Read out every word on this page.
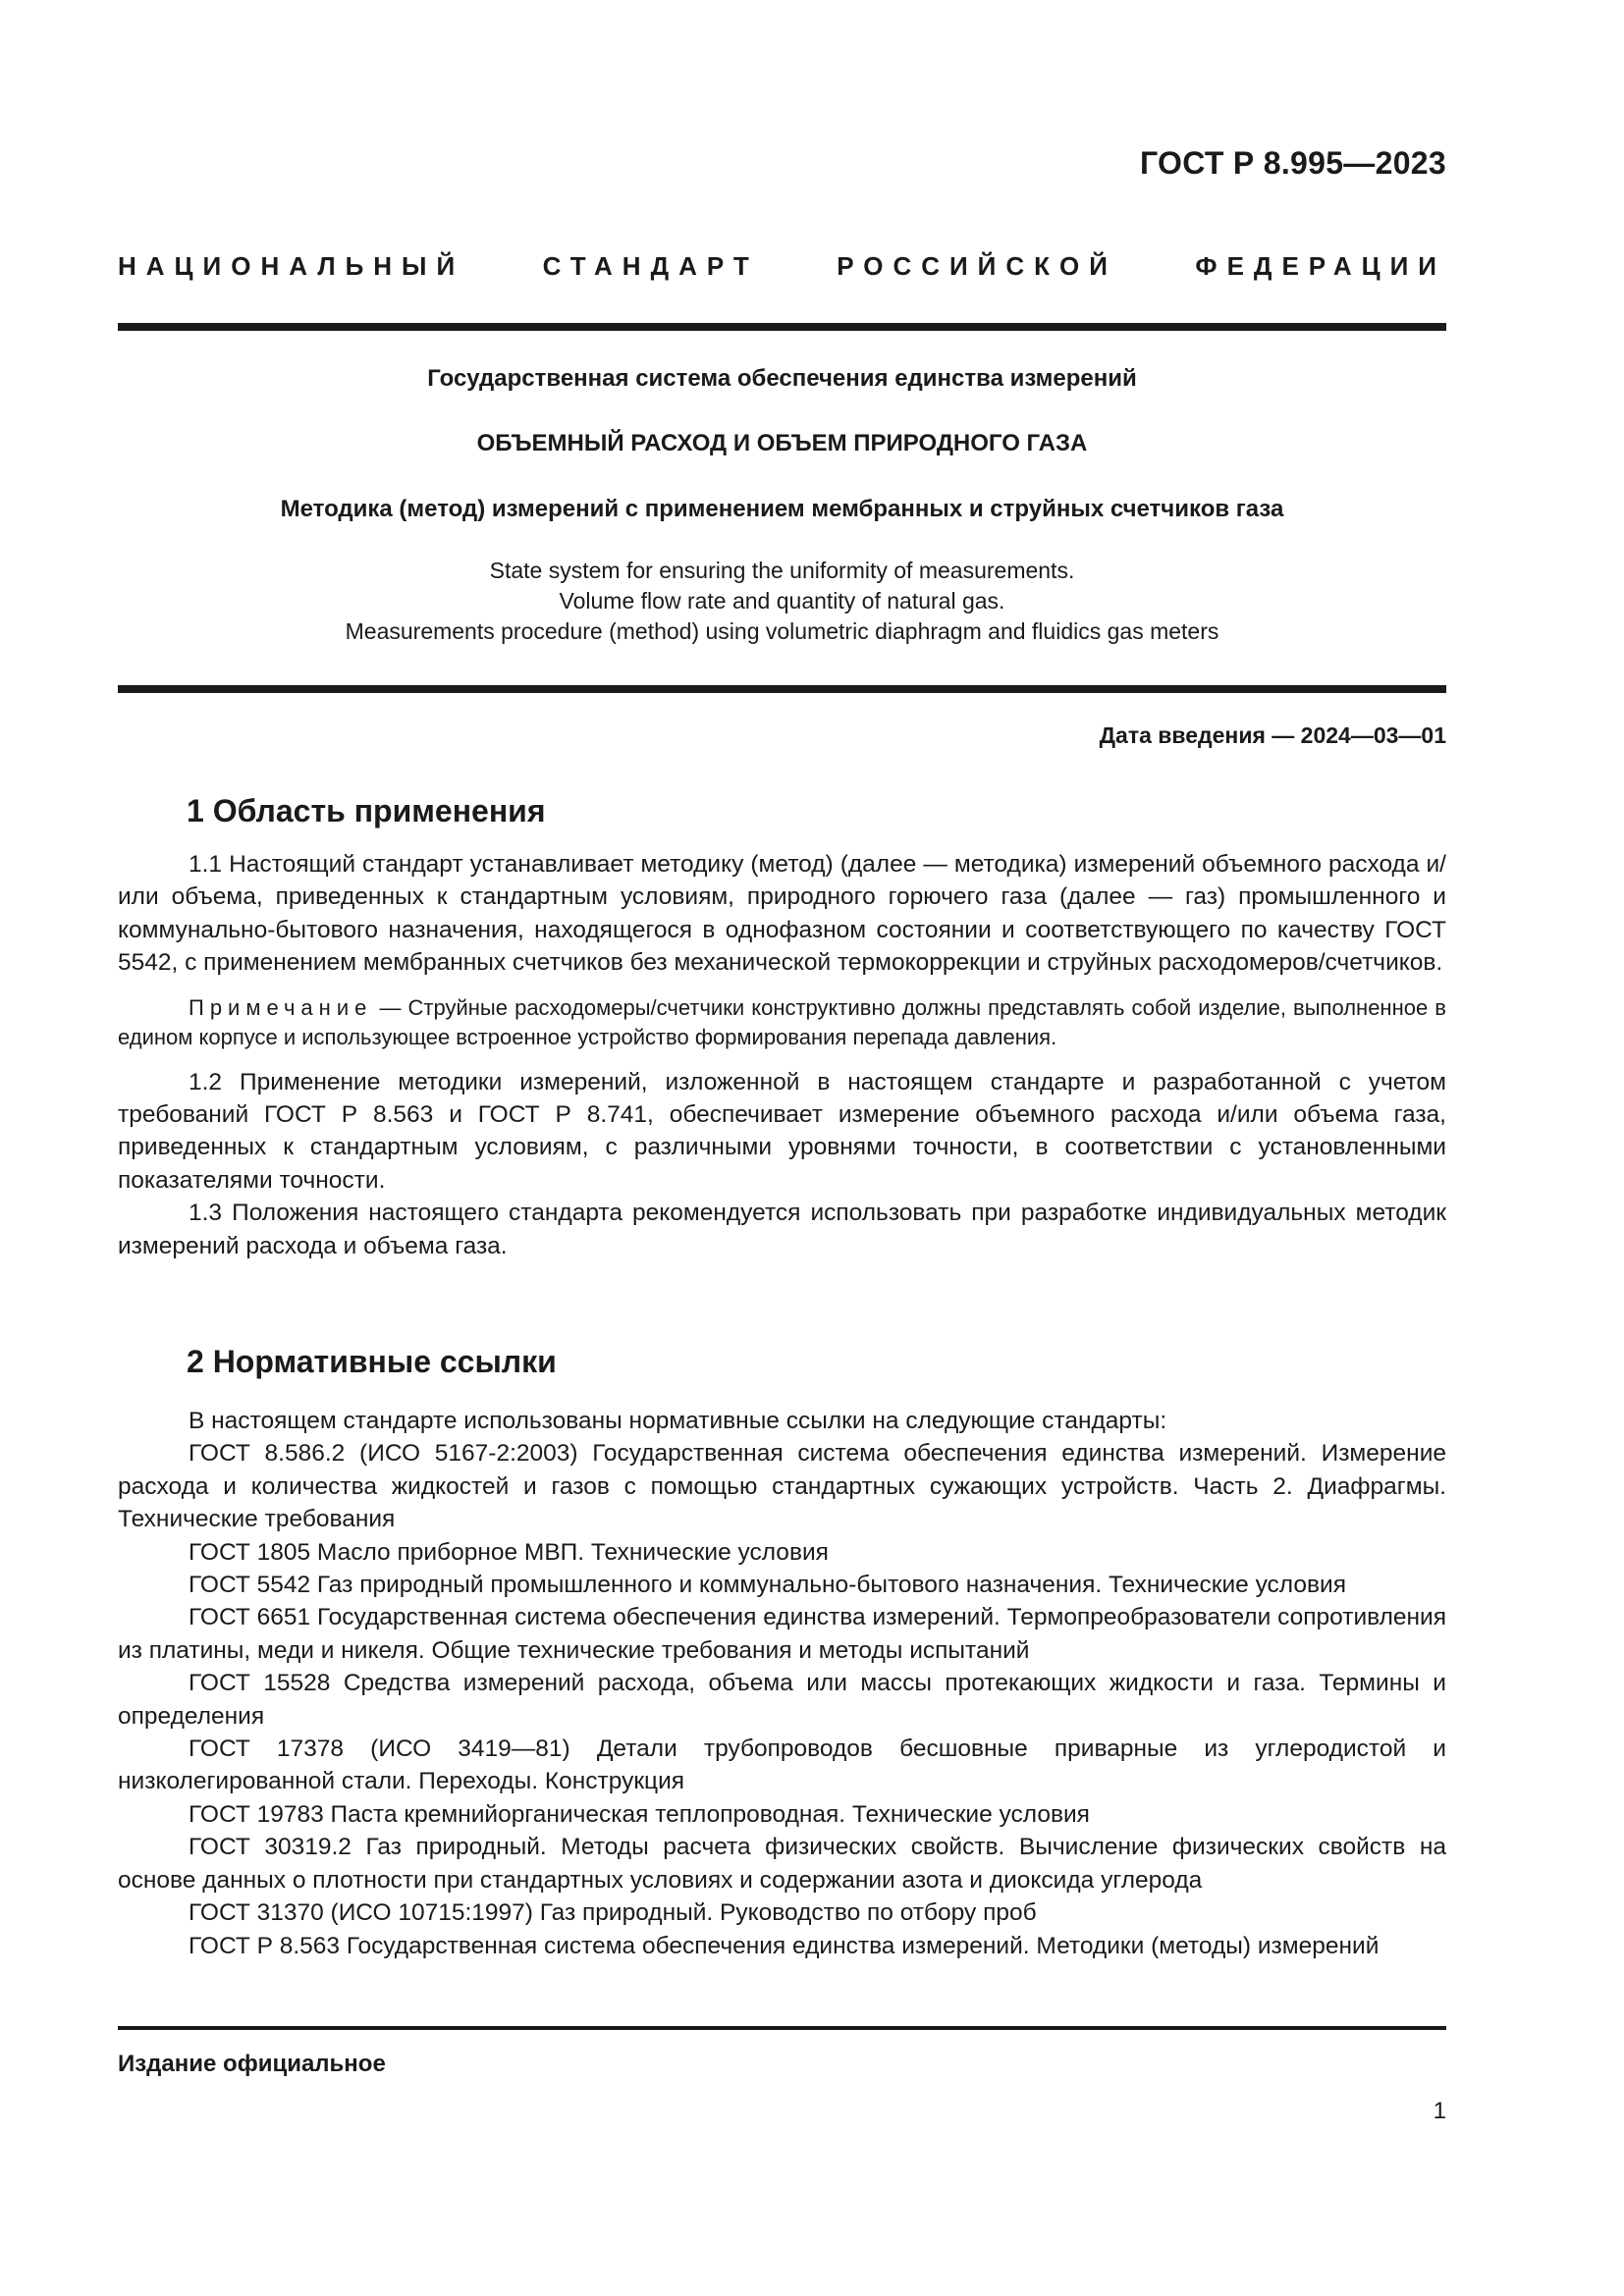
ГОСТ Р 8.995—2023
НАЦИОНАЛЬНЫЙ СТАНДАРТ РОССИЙСКОЙ ФЕДЕРАЦИИ
Государственная система обеспечения единства измерений
ОБЪЕМНЫЙ РАСХОД И ОБЪЕМ ПРИРОДНОГО ГАЗА
Методика (метод) измерений с применением мембранных и струйных счетчиков газа
State system for ensuring the uniformity of measurements.
Volume flow rate and quantity of natural gas.
Measurements procedure (method) using volumetric diaphragm and fluidics gas meters
Дата введения — 2024—03—01
1 Область применения

1.1 Настоящий стандарт устанавливает методику (метод) (далее — методика) измерений объемного расхода и/или объема, приведенных к стандартным условиям, природного горючего газа (далее — газ) промышленного и коммунально-бытового назначения, находящегося в однофазном состоянии и соответствующего по качеству ГОСТ 5542, с применением мембранных счетчиков без механической термокоррекции и струйных расходомеров/счетчиков.

Примечание — Струйные расходомеры/счетчики конструктивно должны представлять собой изделие, выполненное в едином корпусе и использующее встроенное устройство формирования перепада давления.

1.2 Применение методики измерений, изложенной в настоящем стандарте и разработанной с учетом требований ГОСТ Р 8.563 и ГОСТ Р 8.741, обеспечивает измерение объемного расхода и/или объема газа, приведенных к стандартным условиям, с различными уровнями точности, в соответствии с установленными показателями точности.

1.3 Положения настоящего стандарта рекомендуется использовать при разработке индивидуальных методик измерений расхода и объема газа.

2 Нормативные ссылки

В настоящем стандарте использованы нормативные ссылки на следующие стандарты:

ГОСТ 8.586.2 (ИСО 5167-2:2003) Государственная система обеспечения единства измерений. Измерение расхода и количества жидкостей и газов с помощью стандартных сужающих устройств. Часть 2. Диафрагмы. Технические требования

ГОСТ 1805 Масло приборное МВП. Технические условия

ГОСТ 5542 Газ природный промышленного и коммунально-бытового назначения. Технические условия

ГОСТ 6651 Государственная система обеспечения единства измерений. Термопреобразователи сопротивления из платины, меди и никеля. Общие технические требования и методы испытаний

ГОСТ 15528 Средства измерений расхода, объема или массы протекающих жидкости и газа. Термины и определения

ГОСТ 17378 (ИСО 3419—81) Детали трубопроводов бесшовные приварные из углеродистой и низколегированной стали. Переходы. Конструкция

ГОСТ 19783 Паста кремнийорганическая теплопроводная. Технические условия

ГОСТ 30319.2 Газ природный. Методы расчета физических свойств. Вычисление физических свойств на основе данных о плотности при стандартных условиях и содержании азота и диоксида углерода

ГОСТ 31370 (ИСО 10715:1997) Газ природный. Руководство по отбору проб

ГОСТ Р 8.563 Государственная система обеспечения единства измерений. Методики (методы) измерений

Издание официальное
1
